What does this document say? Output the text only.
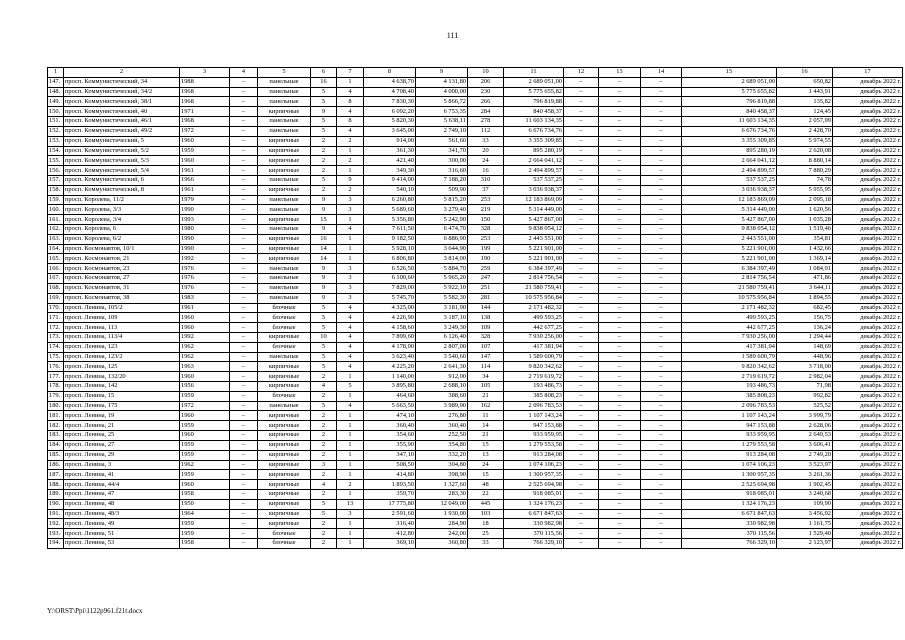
111
1	2	3	4	5	6	7	8	9	10	11	12	13	14	15	16	17
147.	просп. Коммунистический, 34	1988	–	панельные	16	1	4 638,70	4 131,80	206	2 689 051,00	–	–	–	2 689 051,00	650,82	декабрь 2022 г.
148.	просп. Коммунистический, 34/2	1968	–	панельные	5	4	4 708,40	4 000,00	230	5 775 655,82	–	–	–	5 775 655,82	1 443,91	декабрь 2022 г.
149.	просп. Коммунистический, 38/1	1968	–	панельные	5	8	7 830,30	5 866,72	266	796 819,88	–	–	–	796 819,88	135,82	декабрь 2022 г.
150.	просп. Коммунистический, 40	1971	–	кирпичные	9	4	6 092,20	6 753,35	284	840 458,37	–	–	–	840 458,37	124,45	декабрь 2022 г.
151.	просп. Коммунистический, 46/1	1968	–	панельные	5	8	5 820,30	5 638,11	278	11 603 134,35	–	–	–	11 603 134,35	2 057,99	декабрь 2022 г.
152.	просп. Коммунистический, 49/2	1972	–	панельные	5	4	3 645,00	2 749,10	112	6 676 734,76	–	–	–	6 676 734,76	2 428,70	декабрь 2022 г.
153.	просп. Коммунистический, 5	1960	–	кирпичные	2	2	914,00	561,60	33	3 355 309,85	–	–	–	3 355 309,85	5 974,55	декабрь 2022 г.
154.	просп. Коммунистический, 5/2	1959	–	кирпичные	2	1	361,30	341,70	20	895 280,19	–	–	–	895 280,19	2 620,08	декабрь 2022 г.
155.	просп. Коммунистический, 5/3	1960	–	кирпичные	2	2	421,40	300,00	24	2 664 041,12	–	–	–	2 664 041,12	8 880,14	декабрь 2022 г.
156.	просп. Коммунистический, 5/4	1961	–	кирпичные	2	1	349,30	316,60	16	2 494 899,57	–	–	–	2 494 899,57	7 880,29	декабрь 2022 г.
157.	просп. Коммунистический, 6	1966	–	панельные	5	9	9 414,00	7 188,20	310	537 537,25	–	–	–	537 537,25	74,78	декабрь 2022 г.
158.	просп. Коммунистический, 8	1961	–	кирпичные	2	2	540,10	509,90	37	3 036 938,37	–	–	–	3 036 938,37	5 955,95	декабрь 2022 г.
159.	просп. Королева, 11/2	1979	–	панельные	9	3	6 260,80	5 815,20	253	12 183 869,09	–	–	–	12 183 869,09	2 095,18	декабрь 2022 г.
160.	просп. Королева, 3/3	1990	–	панельные	9	3	5 689,60	3 279,40	219	5 314 449,00	–	–	–	5 314 449,00	1 620,56	декабрь 2022 г.
161.	просп. Королева, 3/4	1993	–	кирпичные	15	1	5 356,80	5 242,90	150	5 427 867,00	–	–	–	5 427 867,00	1 035,28	декабрь 2022 г.
162.	просп. Королева, 6	1980	–	панельные	9	4	7 611,50	6 474,70	328	9 838 054,12	–	–	–	9 838 054,12	1 519,46	декабрь 2022 г.
163.	просп. Королева, 6/2	1990	–	кирпичные	16	1	9 182,50	6 886,90	253	2 443 551,00	–	–	–	2 443 551,00	354,81	декабрь 2022 г.
164.	просп. Космонавтов, 10/1	1990	–	кирпичные	14	1	5 928,10	3 644,90	199	5 221 901,00	–	–	–	5 221 901,00	1 432,66	декабрь 2022 г.
165.	просп. Космонавтов, 21	1992	–	кирпичные	14	1	6 806,80	3 814,00	190	5 221 901,00	–	–	–	5 221 901,00	1 369,14	декабрь 2022 г.
166.	просп. Космонавтов, 23	1976	–	панельные	9	3	6 526,50	5 884,70	259	6 384 397,49	–	–	–	6 384 397,49	1 084,91	декабрь 2022 г.
167.	просп. Космонавтов, 27	1976	–	панельные	9	3	6 100,60	5 965,20	247	2 814 756,54	–	–	–	2 814 756,54	471,86	декабрь 2022 г.
168.	просп. Космонавтов, 31	1976	–	панельные	9	3	7 829,00	5 922,10	251	21 580 759,41	–	–	–	21 580 759,41	3 644,11	декабрь 2022 г.
169.	просп. Космонавтов, 38	1983	–	панельные	9	3	5 745,70	5 582,30	281	10 575 956,84	–	–	–	10 575 956,84	1 894,55	декабрь 2022 г.
170.	просп. Ленина, 105/2	1961	–	блочные	5	4	4 325,00	3 181,90	144	2 171 482,32	–	–	–	2 171 482,32	682,45	декабрь 2022 г.
171.	просп. Ленина, 109	1960	–	блочные	5	4	4 226,90	3 187,10	138	499 593,25	–	–	–	499 593,25	156,75	декабрь 2022 г.
172.	просп. Ленина, 113	1960	–	блочные	5	4	4 158,60	3 249,30	109	442 677,25	–	–	–	442 677,25	136,24	декабрь 2022 г.
173.	просп. Ленина, 113/4	1992	–	кирпичные	10	4	7 899,60	6 126,40	328	7 930 256,00	–	–	–	7 930 256,00	1 294,44	декабрь 2022 г.
174.	просп. Ленина, 123	1962	–	блочные	5	4	4 178,00	2 807,00	107	417 381,94	–	–	–	417 381,94	148,69	декабрь 2022 г.
175.	просп. Ленина, 123/2	1962	–	панельные	5	4	3 623,40	3 540,60	147	1 589 600,79	–	–	–	1 589 600,79	448,96	декабрь 2022 г.
176.	просп. Ленина, 125	1963	–	кирпичные	5	4	4 225,20	2 641,30	114	9 820 342,62	–	–	–	9 820 342,62	3 718,00	декабрь 2022 г.
177.	просп. Ленина, 132/20	1960	–	кирпичные	2	1	1 140,00	912,00	34	2 719 619,72	–	–	–	2 719 619,72	2 982,04	декабрь 2022 г.
178.	просп. Ленина, 142	1956	–	кирпичные	4	5	3 895,80	2 688,10	105	193 486,73	–	–	–	193 486,73	71,98	декабрь 2022 г.
179.	просп. Ленина, 15	1959	–	блочные	2	1	464,60	388,60	21	385 808,23	–	–	–	385 808,23	992,82	декабрь 2022 г.
180.	просп. Ленина, 175	1972	–	панельные	5	4	5 663,50	3 989,90	162	2 096 783,53	–	–	–	2 096 783,53	525,52	декабрь 2022 г.
181.	просп. Ленина, 19	1960	–	кирпичные	2	1	474,10	276,80	11	1 107 143,24	–	–	–	1 107 143,24	3 999,79	декабрь 2022 г.
182.	просп. Ленина, 21	1959	–	кирпичные	2	1	360,40	360,40	14	947 153,88	–	–	–	947 153,88	2 628,06	декабрь 2022 г.
183.	просп. Ленина, 25	1960	–	кирпичные	2	1	354,60	252,50	21	933 959,95	–	–	–	933 959,95	2 649,53	декабрь 2022 г.
184.	просп. Ленина, 27	1959	–	кирпичные	2	1	355,90	354,80	15	1 279 553,58	–	–	–	1 279 553,58	3 606,41	декабрь 2022 г.
185.	просп. Ленина, 29	1959	–	кирпичные	2	1	347,10	332,20	13	913 284,08	–	–	–	913 284,08	2 749,20	декабрь 2022 г.
186.	просп. Ленина, 3	1962	–	кирпичные	3	1	508,50	304,80	24	1 074 106,23	–	–	–	1 074 106,23	3 523,97	декабрь 2022 г.
187.	просп. Ленина, 41	1959	–	кирпичные	2	1	414,80	398,90	15	1 300 957,35	–	–	–	1 300 957,35	3 261,36	декабрь 2022 г.
188.	просп. Ленина, 44/4	1960	–	кирпичные	4	2	1 893,50	1 327,60	48	2 525 694,98	–	–	–	2 525 694,98	1 902,45	декабрь 2022 г.
189.	просп. Ленина, 47	1958	–	кирпичные	2	1	359,70	283,30	22	918 085,01	–	–	–	918 085,01	3 240,68	декабрь 2022 г.
190.	просп. Ленина, 48	1950	–	кирпичные	5	13	17 775,80	12 049,00	445	1 324 176,23	–	–	–	1 324 176,23	109,90	декабрь 2022 г.
191.	просп. Ленина, 48/3	1964	–	кирпичные	5	3	2 591,60	1 930,00	103	6 671 847,63	–	–	–	6 671 847,63	3 456,92	декабрь 2022 г.
192.	просп. Ленина, 49	1959	–	кирпичные	2	1	316,40	284,90	18	330 982,98	–	–	–	330 982,98	1 161,75	декабрь 2022 г.
193.	просп. Ленина, 51	1959	–	блочные	2	1	412,80	242,00	25	370 115,56	–	–	–	370 115,56	1 529,40	декабрь 2022 г.
194.	просп. Ленина, 53	1958	–	блочные	2	1	369,10	360,80	33	766 329,10	–	–	–	766 329,10	2 123,97	декабрь 2022 г.
Y:\ORST\Ppi\1122p961.f21t.docx
